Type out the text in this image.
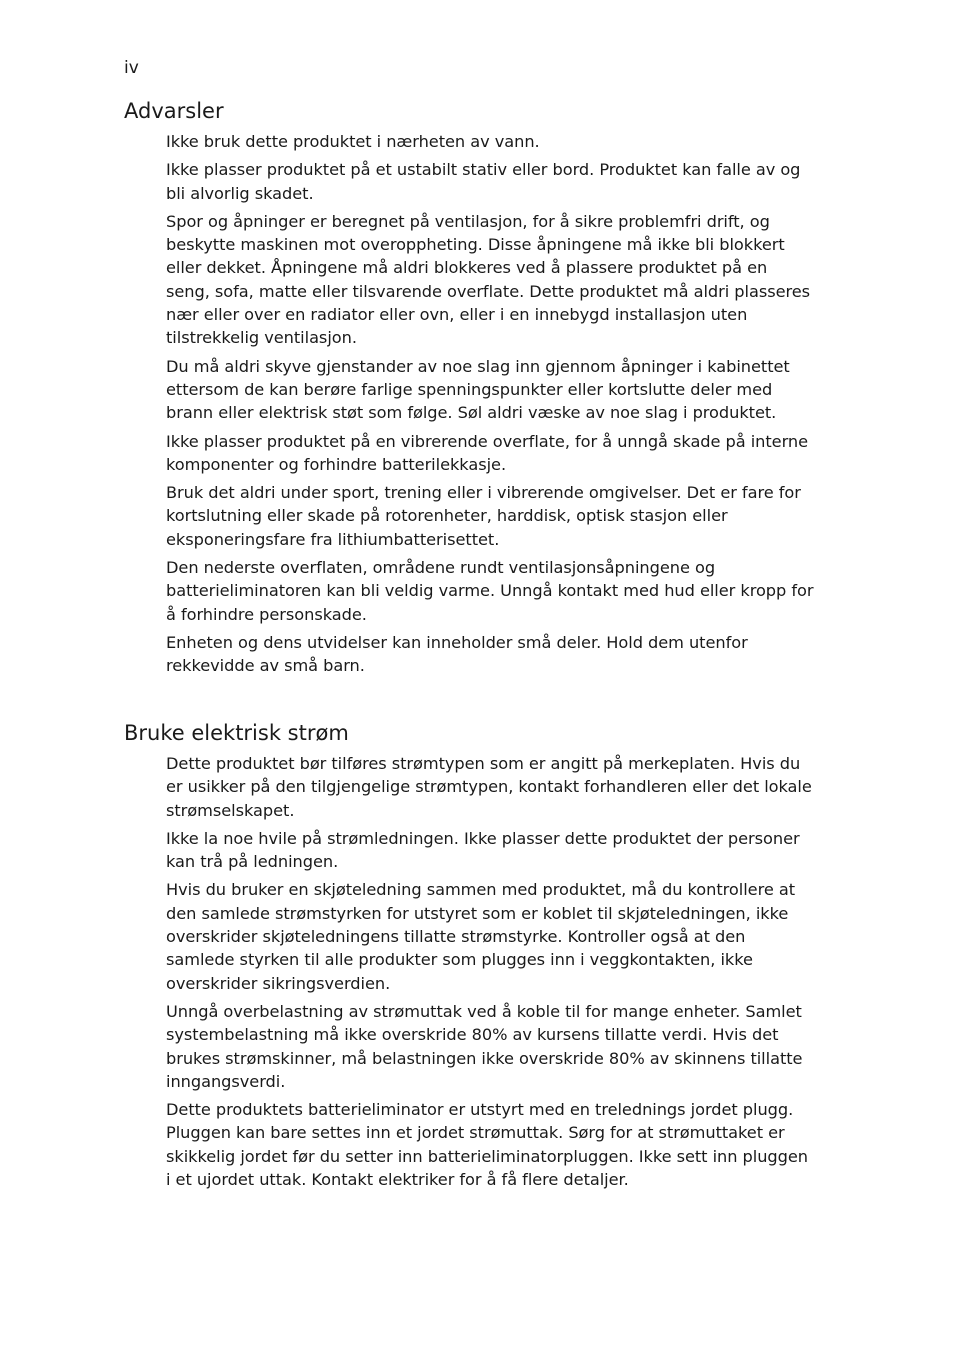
iv
Advarsler

Ikke bruk dette produktet i nærheten av vann.

Ikke plasser produktet på et ustabilt stativ eller bord. Produktet kan falle av og bli alvorlig skadet.

Spor og åpninger er beregnet på ventilasjon, for å sikre problemfri drift, og beskytte maskinen mot overoppheting. Disse åpningene må ikke bli blokkert eller dekket. Åpningene må aldri blokkeres ved å plassere produktet på en seng, sofa, matte eller tilsvarende overflate. Dette produktet må aldri plasseres nær eller over en radiator eller ovn, eller i en innebygd installasjon uten tilstrekkelig ventilasjon.

Du må aldri skyve gjenstander av noe slag inn gjennom åpninger i kabinettet ettersom de kan berøre farlige spenningspunkter eller kortslutte deler med brann eller elektrisk støt som følge. Søl aldri væske av noe slag i produktet.

Ikke plasser produktet på en vibrerende overflate, for å unngå skade på interne komponenter og forhindre batterilekkasje.

Bruk det aldri under sport, trening eller i vibrerende omgivelser. Det er fare for kortslutning eller skade på rotorenheter, harddisk, optisk stasjon eller eksponeringsfare fra lithiumbatterisettet.

Den nederste overflaten, områdene rundt ventilasjonsåpningene og batterieliminatoren kan bli veldig varme. Unngå kontakt med hud eller kropp for å forhindre personskade.

Enheten og dens utvidelser kan inneholder små deler. Hold dem utenfor rekkevidde av små barn.

Bruke elektrisk strøm

Dette produktet bør tilføres strømtypen som er angitt på merkeplaten. Hvis du er usikker på den tilgjengelige strømtypen, kontakt forhandleren eller det lokale strømselskapet.

Ikke la noe hvile på strømledningen. Ikke plasser dette produktet der personer kan trå på ledningen.

Hvis du bruker en skjøteledning sammen med produktet, må du kontrollere at den samlede strømstyrken for utstyret som er koblet til skjøteledningen, ikke overskrider skjøteledningens tillatte strømstyrke. Kontroller også at den samlede styrken til alle produkter som plugges inn i veggkontakten, ikke overskrider sikringsverdien.

Unngå overbelastning av strømuttak ved å koble til for mange enheter. Samlet systembelastning må ikke overskride 80% av kursens tillatte verdi. Hvis det brukes strømskinner, må belastningen ikke overskride 80% av skinnens tillatte inngangsverdi.

Dette produktets batterieliminator er utstyrt med en trelednings jordet plugg. Pluggen kan bare settes inn et jordet strømuttak. Sørg for at strømuttaket er skikkelig jordet før du setter inn batterieliminatorpluggen. Ikke sett inn pluggen i et ujordet uttak. Kontakt elektriker for å få flere detaljer.
